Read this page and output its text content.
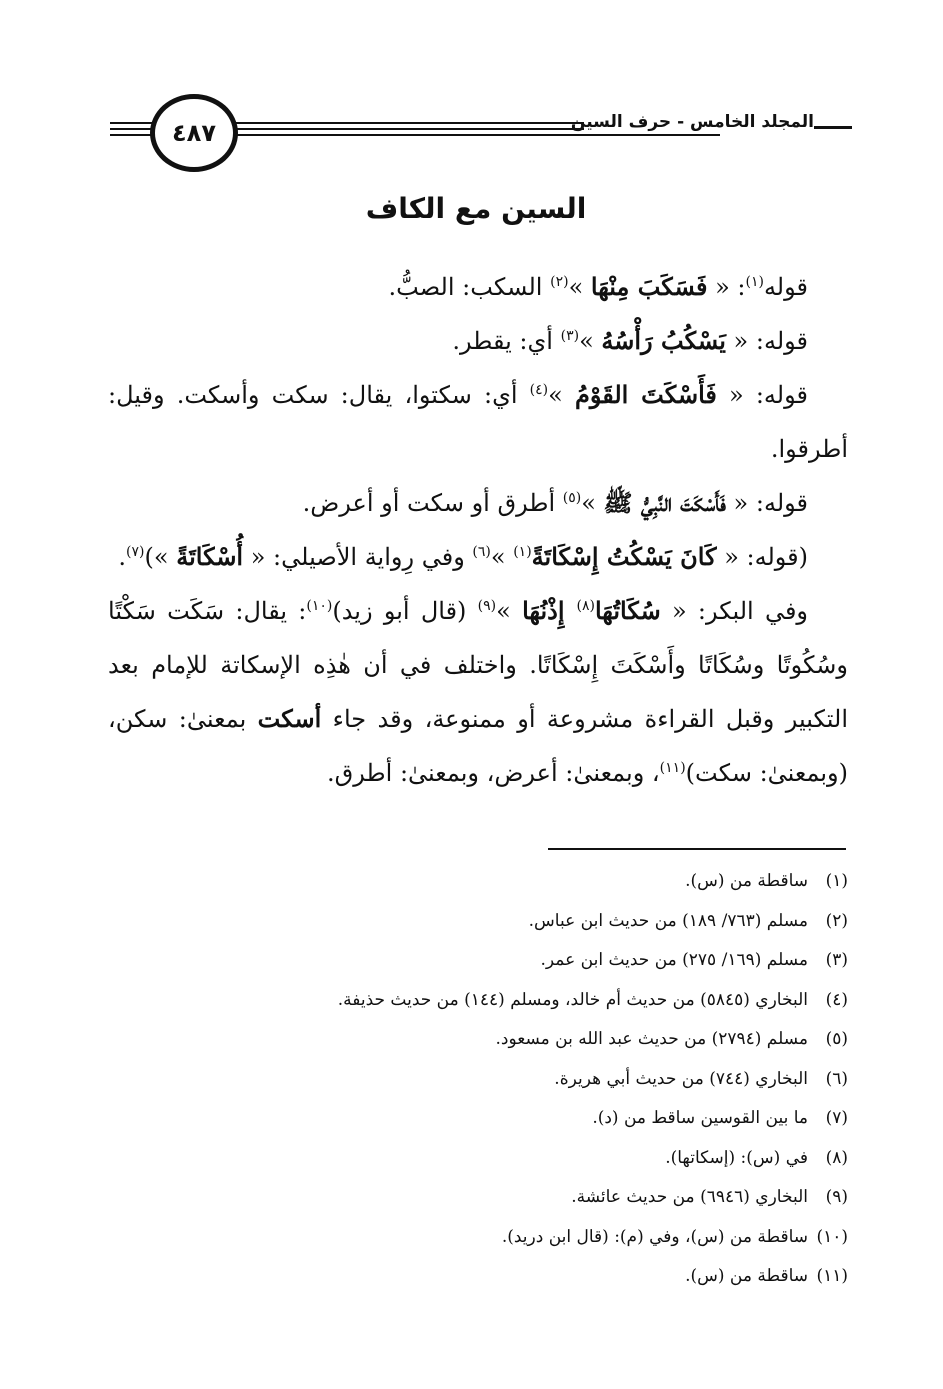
٤٨٧	المجلد الخامس - حرف السين
السين مع الكاف

قوله$^{(١)}$: « فَسَكَبَ مِنْهَا »$^{(٢)}$ السكب: الصبُّ.

قوله: « يَسْكُبُ رَأْسُهُ »$^{(٣)}$ أي: يقطر.

قوله: « فَأَسْكَتَ القَوْمُ »$^{(٤)}$ أي: سكتوا، يقال: سكت وأسكت. وقيل: أطرقوا.

قوله: « فَأَسْكَتَ النَّبِيُّ ﷺ »$^{(٥)}$ أطرق أو سكت أو أعرض.

(قوله: « كَانَ يَسْكُتُ إِسْكَاتَةً$^{(١)}$ »$^{(٦)}$ وفي رِواية الأصيلي: « أُسْكَاتَةً »)$^{(٧)}$.

وفي البكر: « سُكَاتُهَا$^{(٨)}$ إِذْنُهَا »$^{(٩)}$ (قال أبو زيد)$^{(١٠)}$: يقال: سَكَت سَكْتًا وسُكُوتًا وسُكَاتًا وأَسْكَتَ إِسْكَاتًا. واختلف في أن هٰذِه الإسكاتة للإمام بعد التكبير وقبل القراءة مشروعة أو ممنوعة، وقد جاء أسكت بمعنىٰ: سكن، (وبمعنىٰ: سكت)$^{(١١)}$، وبمعنىٰ: أعرض، وبمعنىٰ: أطرق.

(١)ساقطة من (س).
(٢)مسلم (٧٦٣/ ١٨٩) من حديث ابن عباس.
(٣)مسلم (١٦٩/ ٢٧٥) من حديث ابن عمر.
(٤)البخاري (٥٨٤٥) من حديث أم خالد، ومسلم (١٤٤) من حديث حذيفة.
(٥)مسلم (٢٧٩٤) من حديث عبد الله بن مسعود.
(٦)البخاري (٧٤٤) من حديث أبي هريرة.
(٧)ما بين القوسين ساقط من (د).
(٨)في (س): (إسكاتها).
(٩)البخاري (٦٩٤٦) من حديث عائشة.
(١٠)ساقطة من (س)، وفي (م): (قال ابن دريد).
(١١)ساقطة من (س).
